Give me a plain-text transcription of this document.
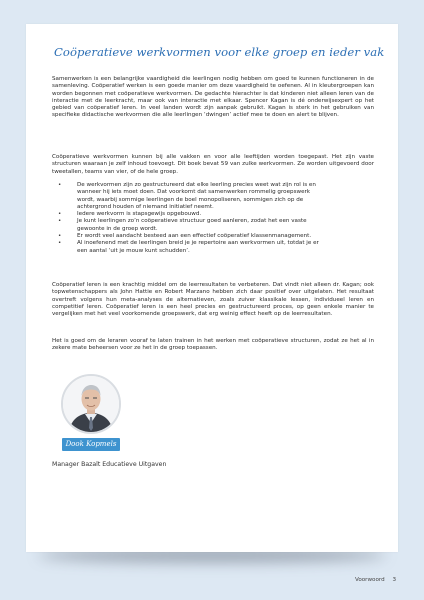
Coöperatieve werkvormen voor elke groep en ieder vak

Samenwerken is een belangrijke vaardigheid die leerlingen nodig hebben om goed te kunnen functioneren in de samenleving. Coöperatief werken is een goede manier om deze vaardigheid te oefenen. Al in kleutergroepen kan worden begonnen met coöperatieve werkvormen. De gedachte hierachter is dat kinderen niet alleen leren van de interactie met de leerkracht, maar ook van interactie met elkaar. Spencer Kagan is dé onderwijsexpert op het gebied van coöperatief leren. In veel landen wordt zijn aanpak gebruikt. Kagan is sterk in het gebruiken van specifieke didactische werkvormen die alle leerlingen ‘dwingen’ actief mee te doen en alert te blijven.

Coöperatieve werkvormen kunnen bij alle vakken en voor alle leeftijden worden toegepast. Het zijn vaste structuren waaraan je zelf inhoud toevoegt. Dit boek bevat 59 van zulke werkvormen. Ze worden uitgevoerd door tweetallen, teams van vier, of de hele groep.

• De werkvormen zijn zo gestructureerd dat elke leerling precies weet wat zijn rol is en wanneer hij iets moet doen. Dat voorkomt dat samenwerken rommelig groepswerk wordt, waarbij sommige leerlingen de boel monopoliseren, sommigen zich op de achtergrond houden of niemand initiatief neemt.
• Iedere werkvorm is stapsgewijs opgebouwd.
• Je kunt leerlingen zo’n coöperatieve structuur goed aanleren, zodat het een vaste gewoonte in de groep wordt.
• Er wordt veel aandacht besteed aan een effectief coöperatief klassenmanagement.
• Al inoefenend met de leerlingen breid je je repertoire aan werkvormen uit, totdat je er een aantal ‘uit je mouw kunt schudden’.

Coöperatief leren is een krachtig middel om de leerresultaten te verbeteren. Dat vindt niet alleen dr. Kagan; ook topwetenschappers als John Hattie en Robert Marzano hebben zich daar positief over uitgelaten. Het resultaat overtreft volgens hun meta-analyses de alternatieven, zoals zuiver klassikale lessen, individueel leren en competitief leren. Coöperatief leren is een heel precies en gestructureerd proces, op geen enkele manier te vergelijken met het veel voorkomende groepswerk, dat erg weinig effect heeft op de leerresultaten.

Het is goed om de leraren vooraf te laten trainen in het werken met coöperatieve structuren, zodat ze het al in zekere mate beheersen voor ze het in de groep toepassen.

Dook Kopmels
Manager Bazalt Educatieve Uitgaven
Voorwoord 3
